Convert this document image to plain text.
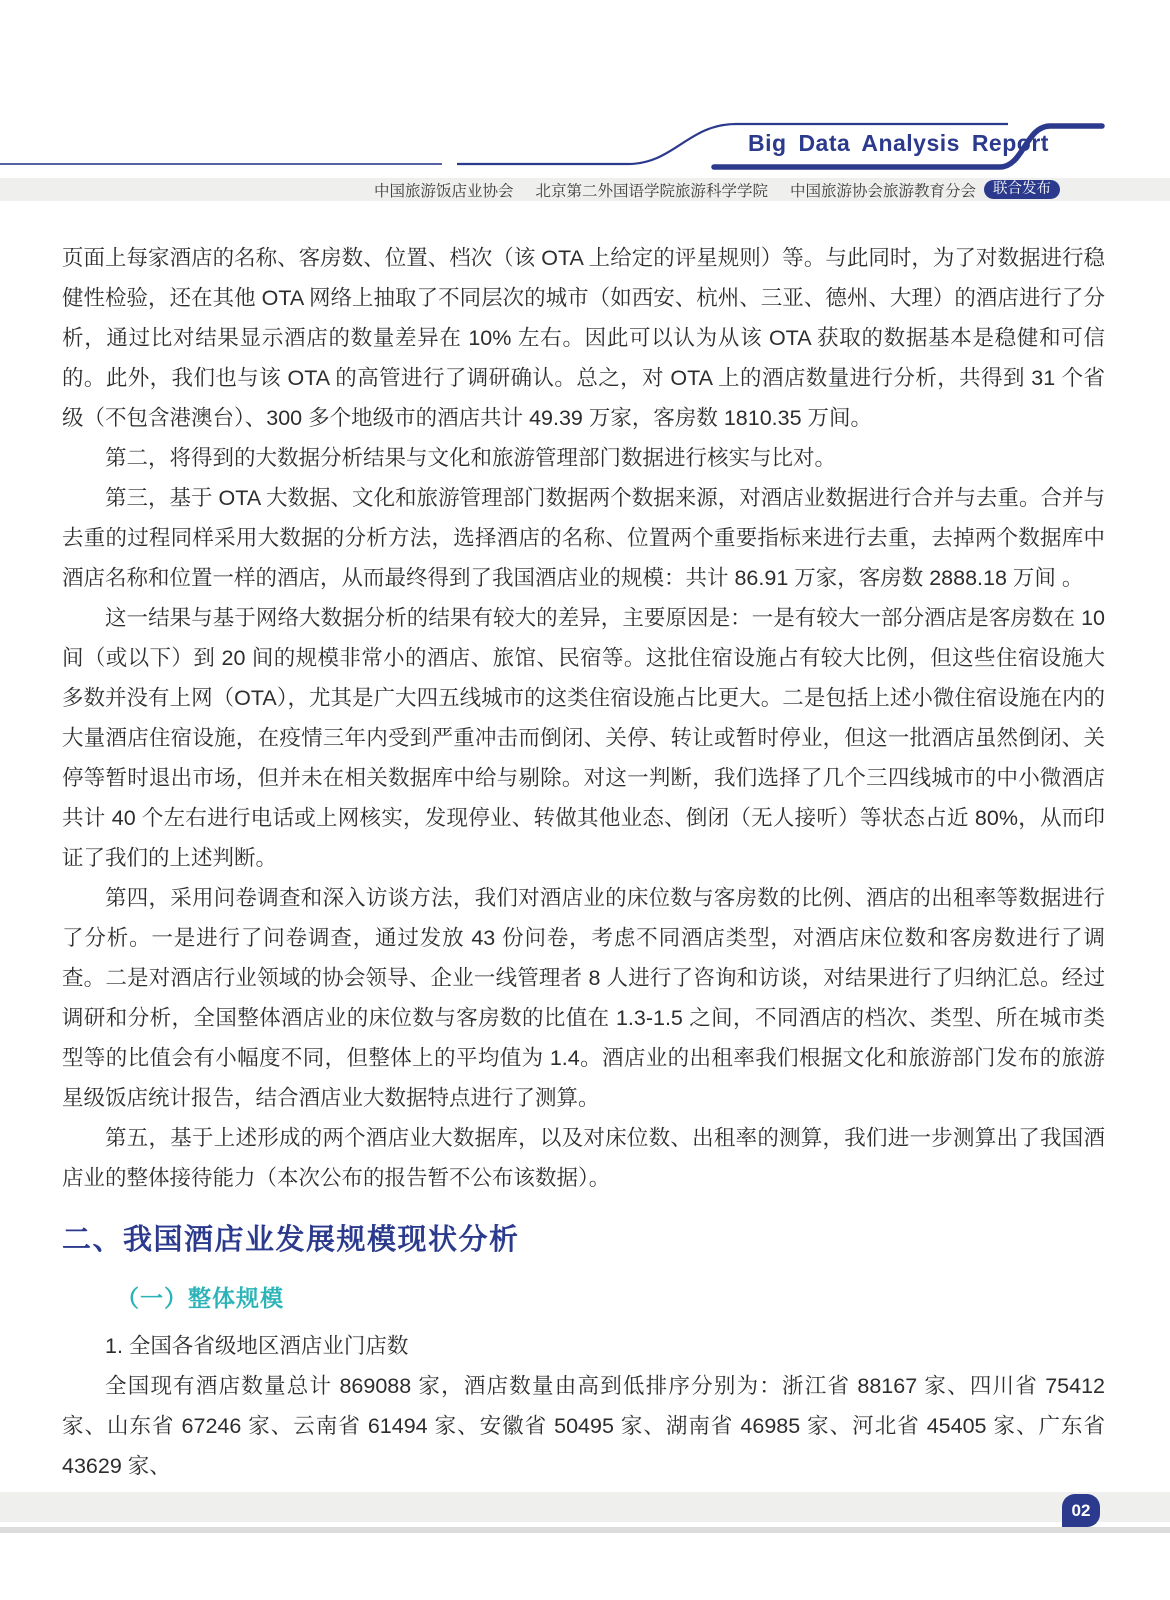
Big Data Analysis Report
中国旅游饭店业协会 北京第二外国语学院旅游科学学院 中国旅游协会旅游教育分会	联合发布

页面上每家酒店的名称、客房数、位置、档次（该 OTA 上给定的评星规则）等。与此同时，为了对数据进行稳健性检验，还在其他 OTA 网络上抽取了不同层次的城市（如西安、杭州、三亚、德州、大理）的酒店进行了分析，通过比对结果显示酒店的数量差异在 10% 左右。因此可以认为从该 OTA 获取的数据基本是稳健和可信的。此外，我们也与该 OTA 的高管进行了调研确认。总之，对 OTA 上的酒店数量进行分析，共得到 31 个省级（不包含港澳台）、300 多个地级市的酒店共计 49.39 万家，客房数 1810.35 万间。

第二，将得到的大数据分析结果与文化和旅游管理部门数据进行核实与比对。

第三，基于 OTA 大数据、文化和旅游管理部门数据两个数据来源，对酒店业数据进行合并与去重。合并与去重的过程同样采用大数据的分析方法，选择酒店的名称、位置两个重要指标来进行去重，去掉两个数据库中酒店名称和位置一样的酒店，从而最终得到了我国酒店业的规模：共计 86.91 万家，客房数 2888.18 万间 。

这一结果与基于网络大数据分析的结果有较大的差异，主要原因是：一是有较大一部分酒店是客房数在 10 间（或以下）到 20 间的规模非常小的酒店、旅馆、民宿等。这批住宿设施占有较大比例，但这些住宿设施大多数并没有上网（OTA），尤其是广大四五线城市的这类住宿设施占比更大。二是包括上述小微住宿设施在内的大量酒店住宿设施，在疫情三年内受到严重冲击而倒闭、关停、转让或暂时停业，但这一批酒店虽然倒闭、关停等暂时退出市场，但并未在相关数据库中给与剔除。对这一判断，我们选择了几个三四线城市的中小微酒店共计 40 个左右进行电话或上网核实，发现停业、转做其他业态、倒闭（无人接听）等状态占近 80%，从而印证了我们的上述判断。

第四，采用问卷调查和深入访谈方法，我们对酒店业的床位数与客房数的比例、酒店的出租率等数据进行了分析。一是进行了问卷调查，通过发放 43 份问卷，考虑不同酒店类型，对酒店床位数和客房数进行了调查。二是对酒店行业领域的协会领导、企业一线管理者 8 人进行了咨询和访谈，对结果进行了归纳汇总。经过调研和分析，全国整体酒店业的床位数与客房数的比值在 1.3-1.5 之间，不同酒店的档次、类型、所在城市类型等的比值会有小幅度不同，但整体上的平均值为 1.4。酒店业的出租率我们根据文化和旅游部门发布的旅游星级饭店统计报告，结合酒店业大数据特点进行了测算。

第五，基于上述形成的两个酒店业大数据库，以及对床位数、出租率的测算，我们进一步测算出了我国酒店业的整体接待能力（本次公布的报告暂不公布该数据）。

二、我国酒店业发展规模现状分析
（一）整体规模

1. 全国各省级地区酒店业门店数

全国现有酒店数量总计 869088 家，酒店数量由高到低排序分别为：浙江省 88167 家、四川省 75412 家、山东省 67246 家、云南省 61494 家、安徽省 50495 家、湖南省 46985 家、河北省 45405 家、广东省 43629 家、

02
